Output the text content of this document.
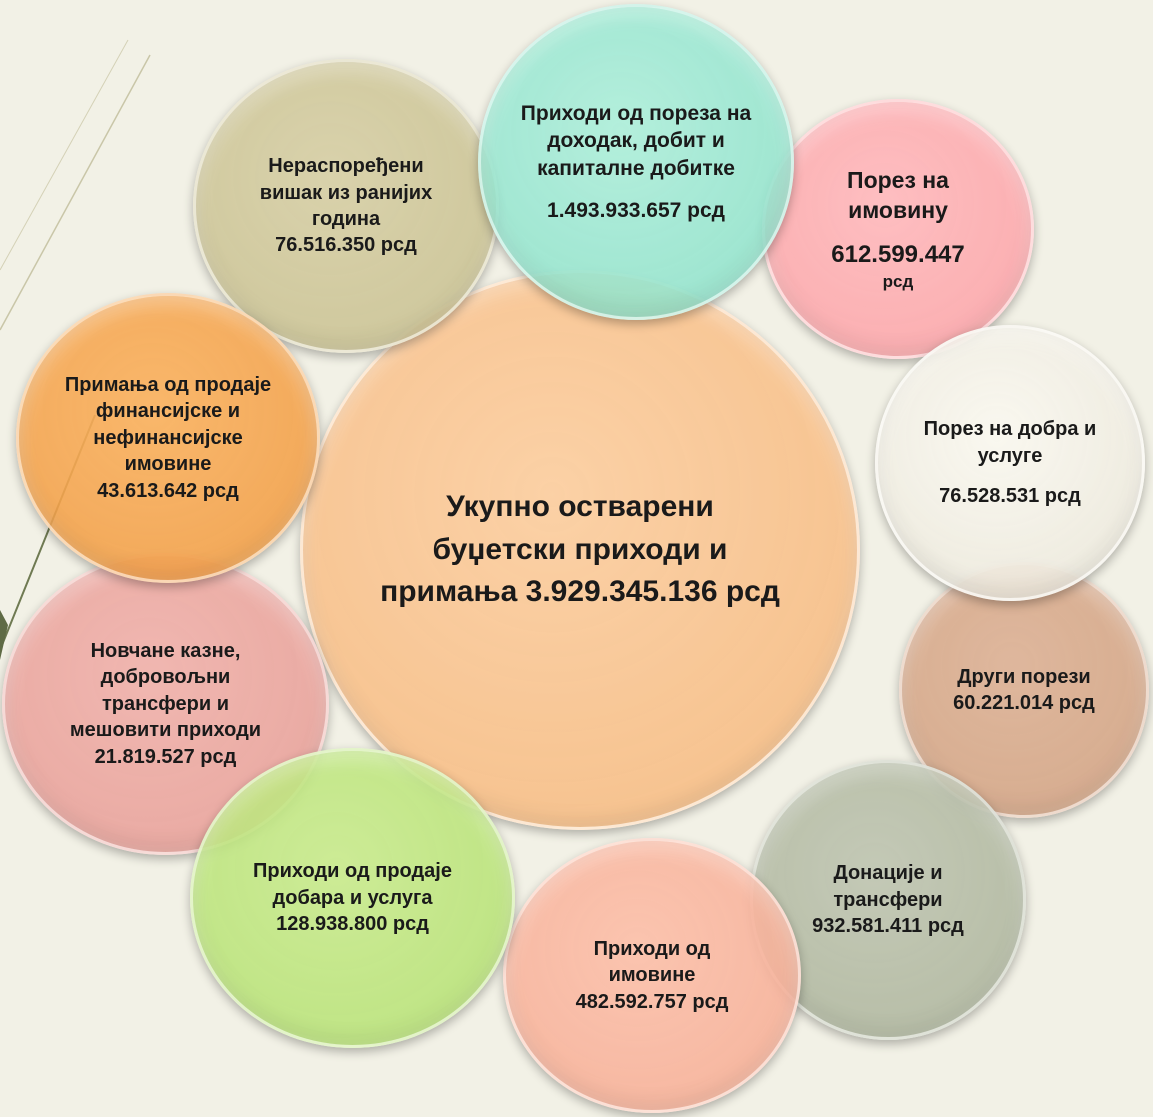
Нераспоређени вишак из ранијих година
76.516.350 рсд
Укупно остварени буџетски приходи и примања 3.929.345.136 рсд
Приходи од пореза на доходак, добит и капиталне добитке
1.493.933.657 рсд
Порез на имовину
612.599.447
рсд
Порез на добра и услуге
76.528.531 рсд
Други порези
60.221.014 рсд
Донације и трансфери
932.581.411 рсд
Приходи од имовине
482.592.757 рсд
Приходи од продаје добара и услуга
128.938.800 рсд
Новчане казне, добровољни трансфери и мешовити приходи
21.819.527 рсд
Примања од продаје финансијске и нефинансијске имовине
43.613.642 рсд
